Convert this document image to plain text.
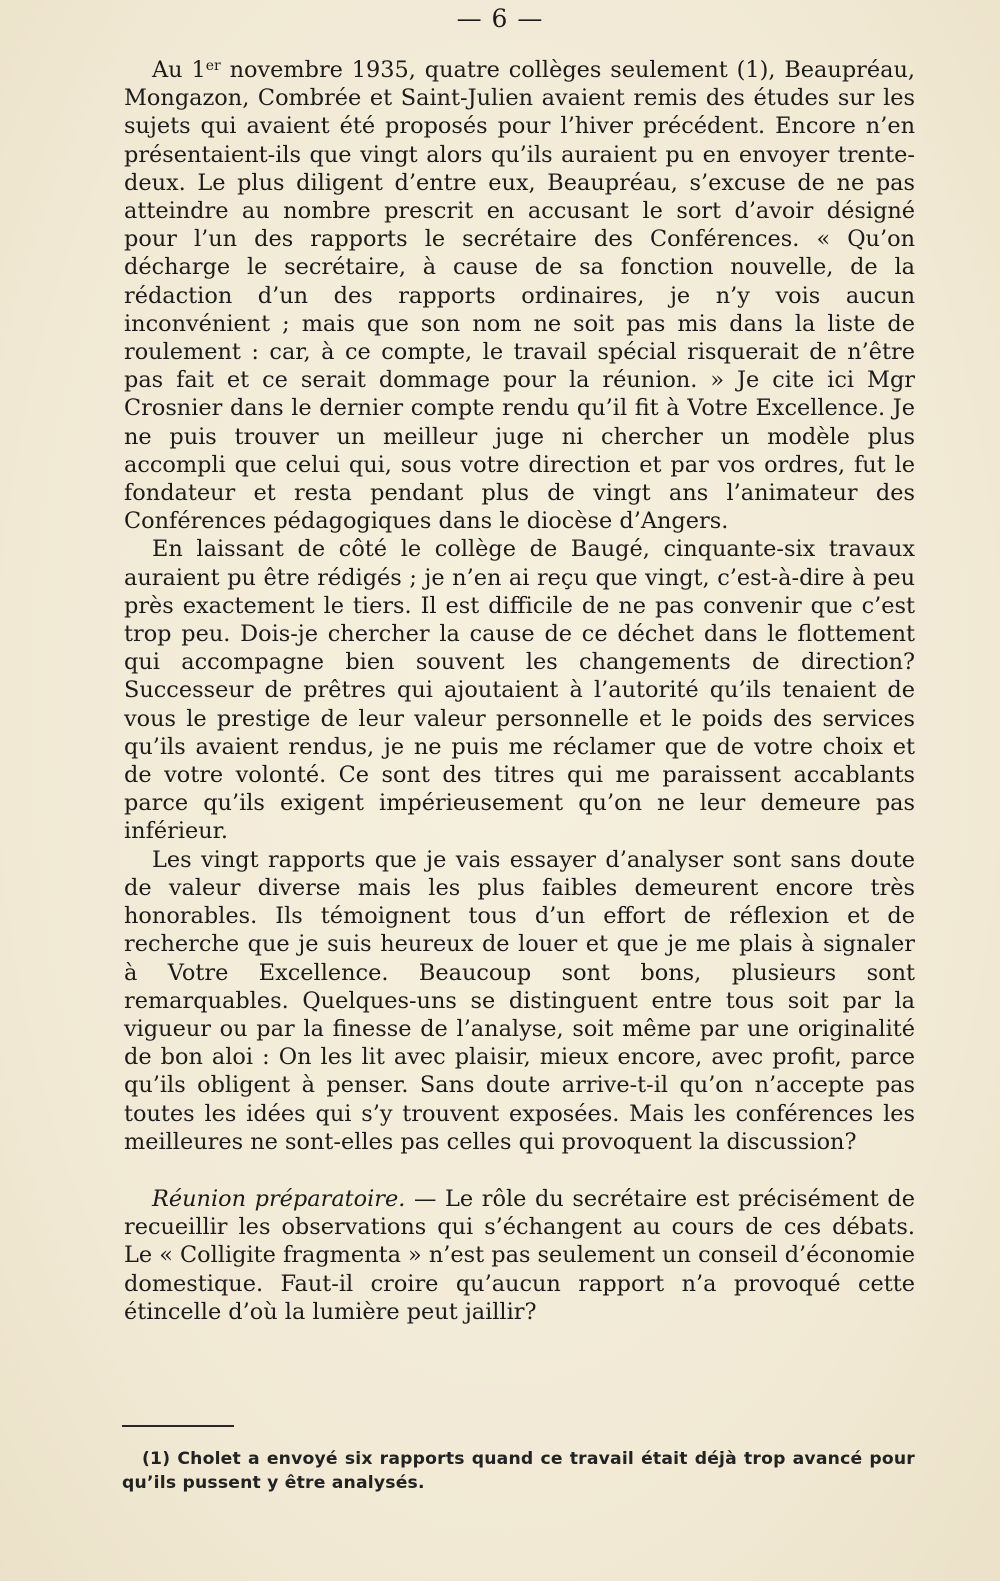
— 6 —

Au 1er novembre 1935, quatre collèges seulement (1), Beaupréau, Mongazon, Combrée et Saint-Julien avaient remis des études sur les sujets qui avaient été proposés pour l’hiver précédent. Encore n’en présentaient-ils que vingt alors qu’ils auraient pu en envoyer trente-deux. Le plus diligent d’entre eux, Beaupréau, s’excuse de ne pas atteindre au nombre prescrit en accusant le sort d’avoir désigné pour l’un des rapports le secrétaire des Conférences. « Qu’on décharge le secrétaire, à cause de sa fonction nouvelle, de la rédaction d’un des rapports ordinaires, je n’y vois aucun inconvénient ; mais que son nom ne soit pas mis dans la liste de roulement : car, à ce compte, le travail spécial risquerait de n’être pas fait et ce serait dommage pour la réunion. » Je cite ici Mgr Crosnier dans le dernier compte rendu qu’il fit à Votre Excellence. Je ne puis trouver un meilleur juge ni chercher un modèle plus accompli que celui qui, sous votre direction et par vos ordres, fut le fondateur et resta pendant plus de vingt ans l’animateur des Conférences pédagogiques dans le diocèse d’Angers.

En laissant de côté le collège de Baugé, cinquante-six travaux auraient pu être rédigés ; je n’en ai reçu que vingt, c’est-à-dire à peu près exactement le tiers. Il est difficile de ne pas convenir que c’est trop peu. Dois-je chercher la cause de ce déchet dans le flottement qui accompagne bien souvent les changements de direction? Successeur de prêtres qui ajoutaient à l’autorité qu’ils tenaient de vous le prestige de leur valeur personnelle et le poids des services qu’ils avaient rendus, je ne puis me réclamer que de votre choix et de votre volonté. Ce sont des titres qui me paraissent accablants parce qu’ils exigent impérieusement qu’on ne leur demeure pas inférieur.

Les vingt rapports que je vais essayer d’analyser sont sans doute de valeur diverse mais les plus faibles demeurent encore très honorables. Ils témoignent tous d’un effort de réflexion et de recherche que je suis heureux de louer et que je me plais à signaler à Votre Excellence. Beaucoup sont bons, plusieurs sont remarquables. Quelques-uns se distinguent entre tous soit par la vigueur ou par la finesse de l’analyse, soit même par une originalité de bon aloi : On les lit avec plaisir, mieux encore, avec profit, parce qu’ils obligent à penser. Sans doute arrive-t-il qu’on n’accepte pas toutes les idées qui s’y trouvent exposées. Mais les conférences les meilleures ne sont-elles pas celles qui provoquent la discussion?

Réunion préparatoire. — Le rôle du secrétaire est précisément de recueillir les observations qui s’échangent au cours de ces débats. Le « Colligite fragmenta » n’est pas seulement un conseil d’économie domestique. Faut-il croire qu’aucun rapport n’a provoqué cette étincelle d’où la lumière peut jaillir?

(1) Cholet a envoyé six rapports quand ce travail était déjà trop avancé pour qu’ils pussent y être analysés.
